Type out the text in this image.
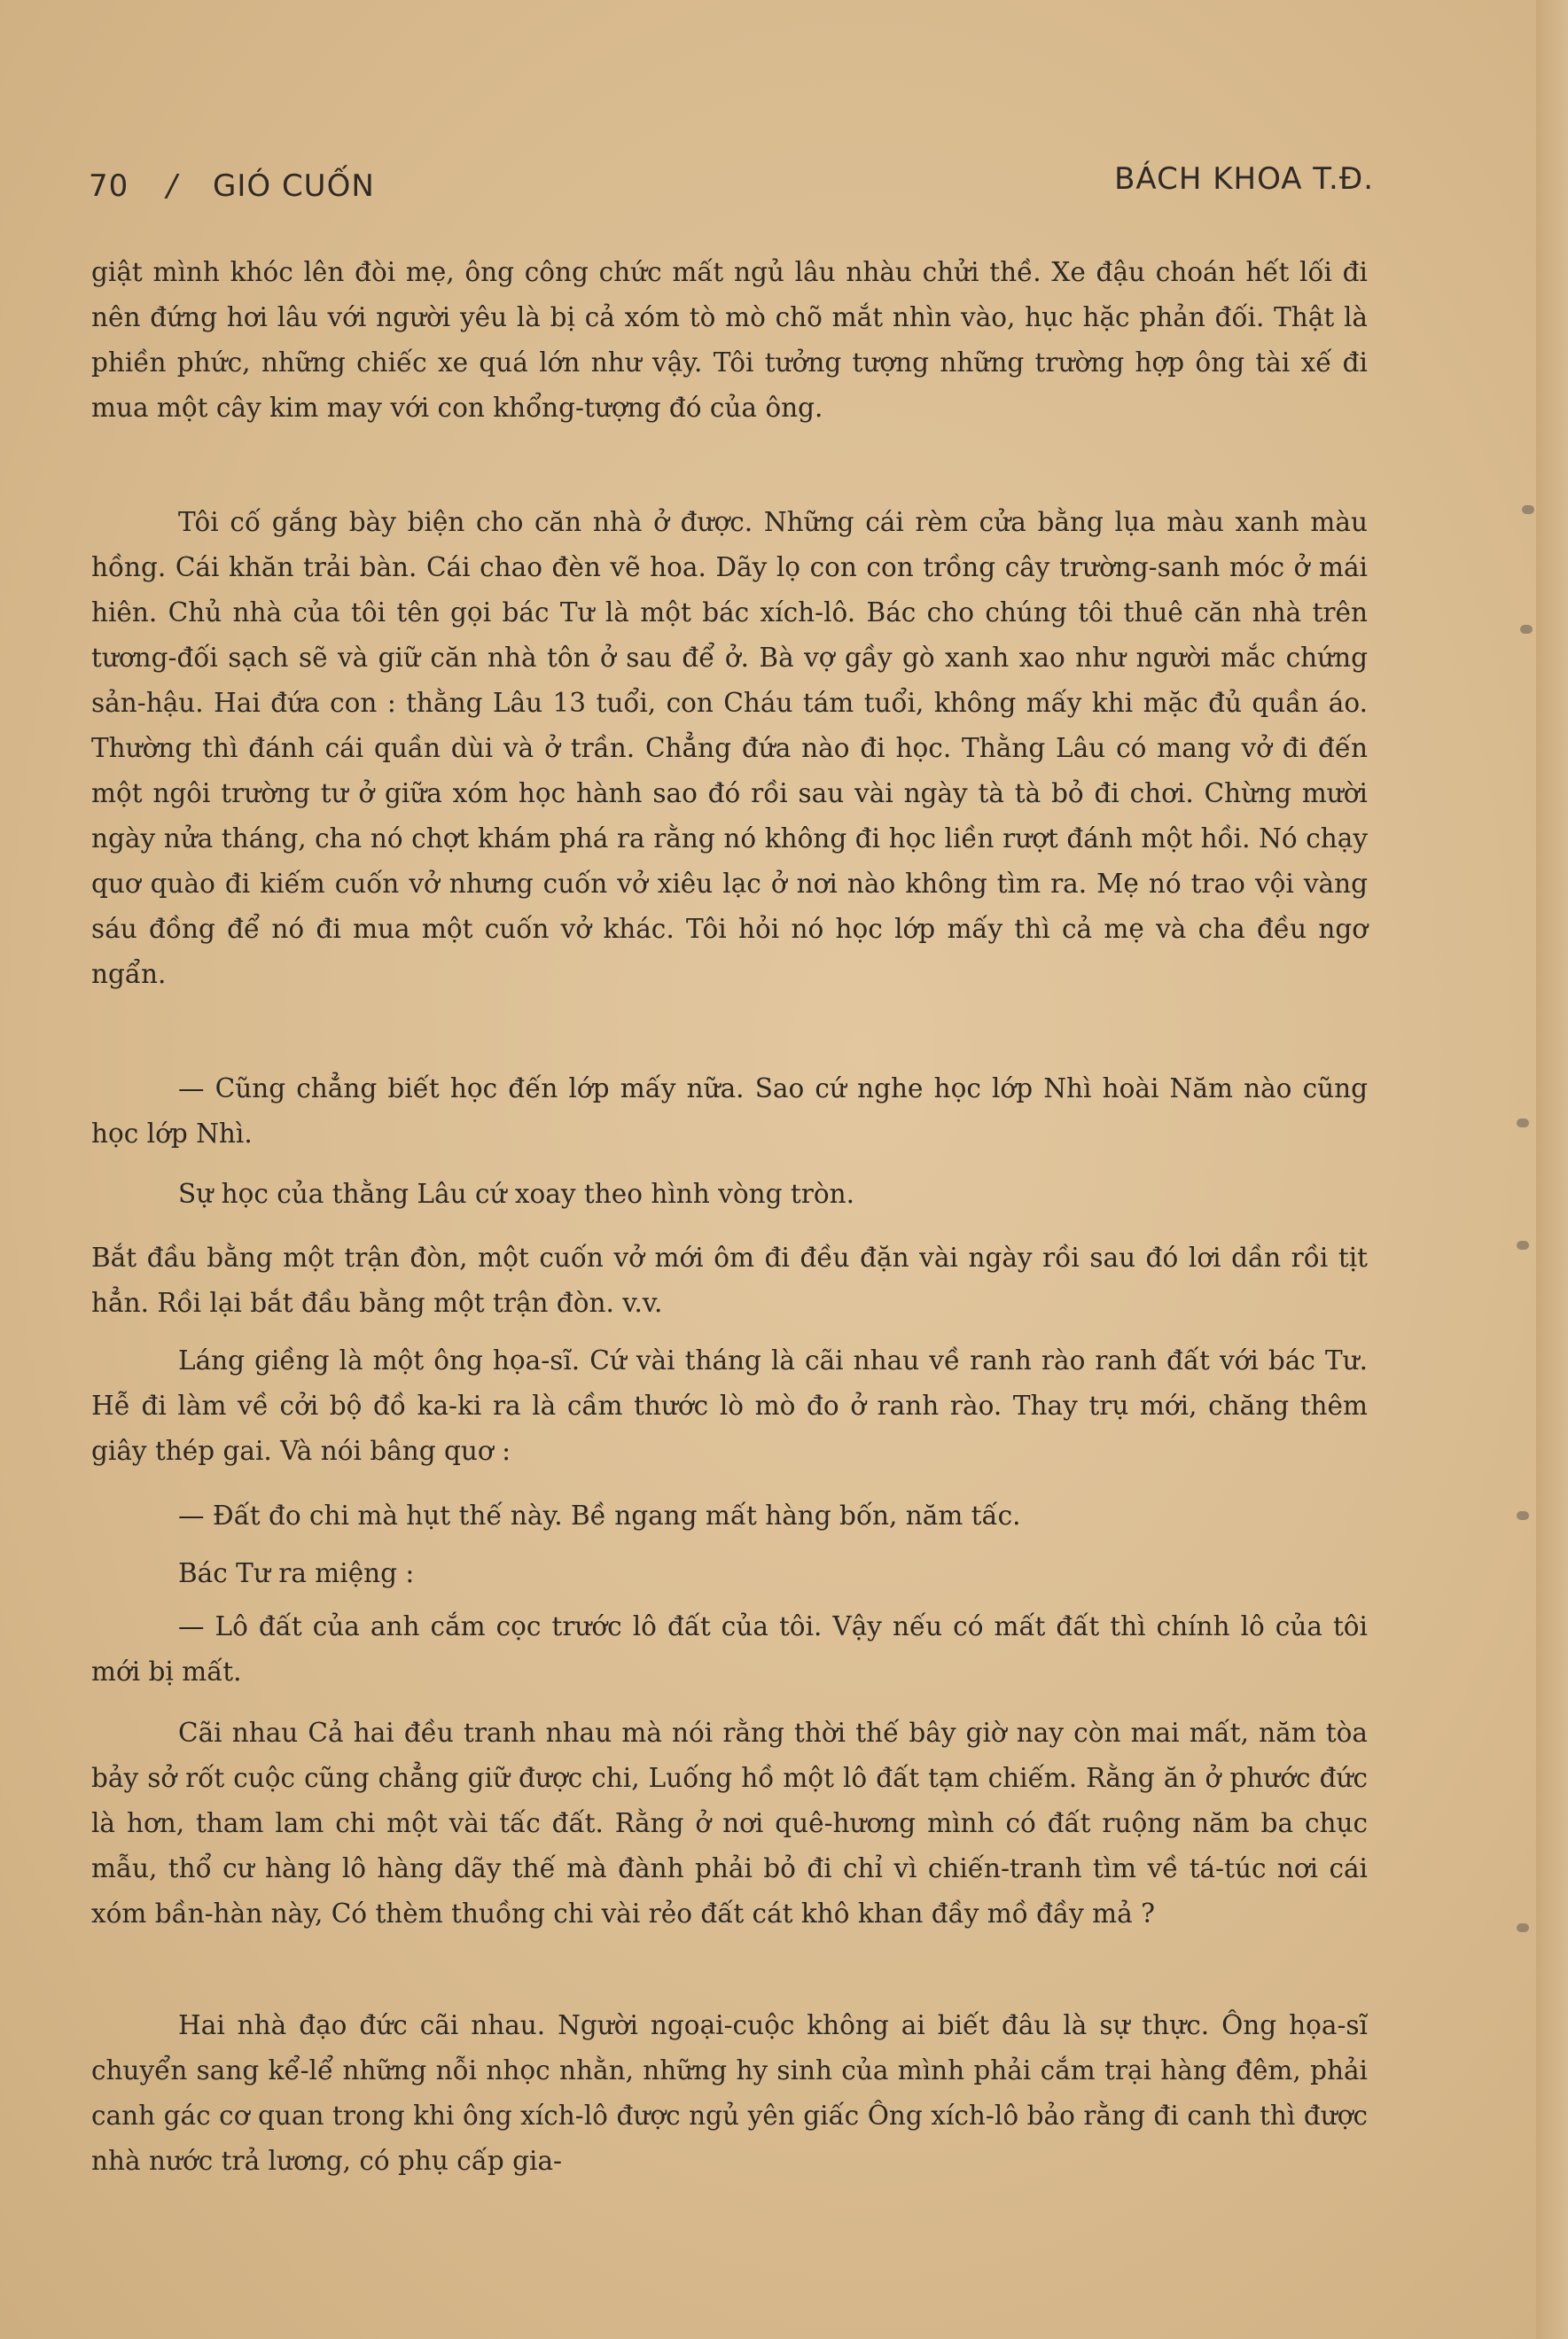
70 / GIÓ CUỐN	BÁCH KHOA T.Đ.

giật mình khóc lên đòi mẹ, ông công chức mất ngủ lâu nhàu chửi thề. Xe đậu choán hết lối đi nên đứng hơi lâu với người yêu là bị cả xóm tò mò chõ mắt nhìn vào, hục hặc phản đối. Thật là phiền phức, những chiếc xe quá lớn như vậy. Tôi tưởng tượng những trường hợp ông tài xế đi mua một cây kim may với con khổng-tượng đó của ông.

Tôi cố gắng bày biện cho căn nhà ở được. Những cái rèm cửa bằng lụa màu xanh màu hồng. Cái khăn trải bàn. Cái chao đèn vẽ hoa. Dãy lọ con con trồng cây trường-sanh móc ở mái hiên. Chủ nhà của tôi tên gọi bác Tư là một bác xích-lô. Bác cho chúng tôi thuê căn nhà trên tương-đối sạch sẽ và giữ căn nhà tôn ở sau để ở. Bà vợ gầy gò xanh xao như người mắc chứng sản-hậu. Hai đứa con : thằng Lâu 13 tuổi, con Cháu tám tuổi, không mấy khi mặc đủ quần áo. Thường thì đánh cái quần dùi và ở trần. Chẳng đứa nào đi học. Thằng Lâu có mang vở đi đến một ngôi trường tư ở giữa xóm học hành sao đó rồi sau vài ngày tà tà bỏ đi chơi. Chừng mười ngày nửa tháng, cha nó chợt khám phá ra rằng nó không đi học liền rượt đánh một hồi. Nó chạy quơ quào đi kiếm cuốn vở nhưng cuốn vở xiêu lạc ở nơi nào không tìm ra. Mẹ nó trao vội vàng sáu đồng để nó đi mua một cuốn vở khác. Tôi hỏi nó học lớp mấy thì cả mẹ và cha đều ngơ ngẩn.

— Cũng chẳng biết học đến lớp mấy nữa. Sao cứ nghe học lớp Nhì hoài Năm nào cũng học lớp Nhì.

Sự học của thằng Lâu cứ xoay theo hình vòng tròn.

Bắt đầu bằng một trận đòn, một cuốn vở mới ôm đi đều đặn vài ngày rồi sau đó lơi dần rồi tịt hẳn. Rồi lại bắt đầu bằng một trận đòn. v.v.

Láng giềng là một ông họa-sĩ. Cứ vài tháng là cãi nhau về ranh rào ranh đất với bác Tư. Hễ đi làm về cởi bộ đồ ka-ki ra là cầm thước lò mò đo ở ranh rào. Thay trụ mới, chăng thêm giây thép gai. Và nói bâng quơ :

— Đất đo chi mà hụt thế này. Bề ngang mất hàng bốn, năm tấc.

Bác Tư ra miệng :

— Lô đất của anh cắm cọc trước lô đất của tôi. Vậy nếu có mất đất thì chính lô của tôi mới bị mất.

Cãi nhau Cả hai đều tranh nhau mà nói rằng thời thế bây giờ nay còn mai mất, năm tòa bảy sở rốt cuộc cũng chẳng giữ được chi, Luống hồ một lô đất tạm chiếm. Rằng ăn ở phước đức là hơn, tham lam chi một vài tấc đất. Rằng ở nơi quê-hương mình có đất ruộng năm ba chục mẫu, thổ cư hàng lô hàng dãy thế mà đành phải bỏ đi chỉ vì chiến-tranh tìm về tá-túc nơi cái xóm bần-hàn này, Có thèm thuồng chi vài rẻo đất cát khô khan đầy mồ đầy mả ?

Hai nhà đạo đức cãi nhau. Người ngoại-cuộc không ai biết đâu là sự thực. Ông họa-sĩ chuyển sang kể-lể những nỗi nhọc nhằn, những hy sinh của mình phải cắm trại hàng đêm, phải canh gác cơ quan trong khi ông xích-lô được ngủ yên giấc Ông xích-lô bảo rằng đi canh thì được nhà nước trả lương, có phụ cấp gia-
